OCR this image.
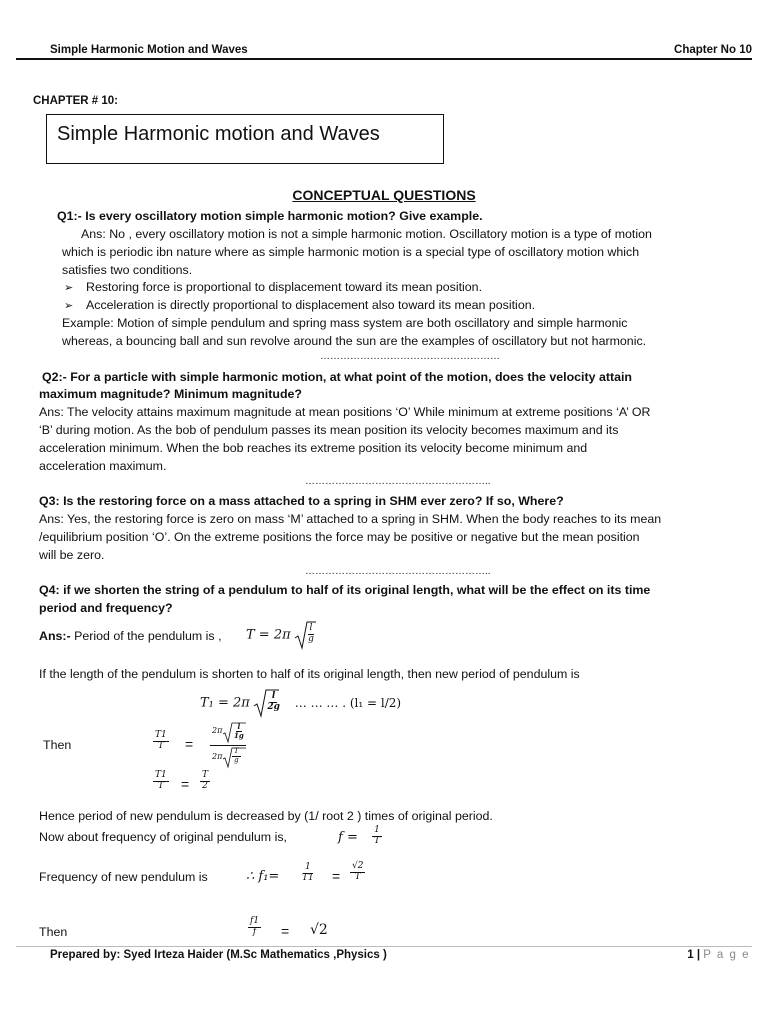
Simple Harmonic Motion and Waves	Chapter No 10
CHAPTER # 10:
Simple Harmonic motion and Waves
CONCEPTUAL QUESTIONS
Q1:- Is every oscillatory motion simple harmonic motion? Give example.
Ans: No , every oscillatory motion is not a simple harmonic motion. Oscillatory motion is a type of motion
which is periodic ibn nature where as simple harmonic motion is a special type of oscillatory motion which
satisfies two conditions.
➢ Restoring force is proportional to displacement toward its mean position.
➢ Acceleration is directly proportional to displacement also toward its mean position.
Example: Motion of simple pendulum and spring mass system are both oscillatory and simple harmonic
whereas, a bouncing ball and sun revolve around the sun are the examples of oscillatory but not harmonic.
………………………………………………
Q2:- For a particle with simple harmonic motion, at what point of the motion, does the velocity attain
maximum magnitude? Minimum magnitude?
Ans: The velocity attains maximum magnitude at mean positions ‘O’ While minimum at extreme positions ‘A’ OR
‘B’ during motion. As the bob of pendulum passes its mean position its velocity becomes maximum and its
acceleration minimum. When the bob reaches its extreme position its velocity become minimum and
acceleration maximum.
………………………………………………..
Q3: Is the restoring force on a mass attached to a spring in SHM ever zero? If so, Where?
Ans: Yes, the restoring force is zero on mass ‘M’ attached to a spring in SHM. When the body reaches to its mean
/equilibrium position ‘O’. On the extreme positions the force may be positive or negative but the mean position
will be zero.
………………………………………………..
Q4: if we shorten the string of a pendulum to half of its original length, what will be the effect on its time
period and frequency?
Ans:- Period of the pendulum is , $T = 2\pi \frac{l}{g}$
If the length of the pendulum is shorten to half of its original length, then new period of pendulum is
$T_1 = 2\pi \frac{l}{2g}$ … … … . (l₁ = l/2)
Then	$\frac{T1}{T}$ =
$2\pi \frac{l}{1g}$
$2\pi \frac{T}{g}$
$\frac{T1}{T} = \frac{T}{2}$
Hence period of new pendulum is decreased by (1/ root 2 ) times of original period.
Now about frequency of original pendulum is,	$f = \frac{1}{T}$
Frequency of new pendulum is	∴ $f_1= \frac{1}{T1} = \frac{√2}{T}$
Then	$\frac{f1}{f} = √2$
Prepared by: Syed Irteza Haider (M.Sc Mathematics ,Physics )	1 | P a g e
